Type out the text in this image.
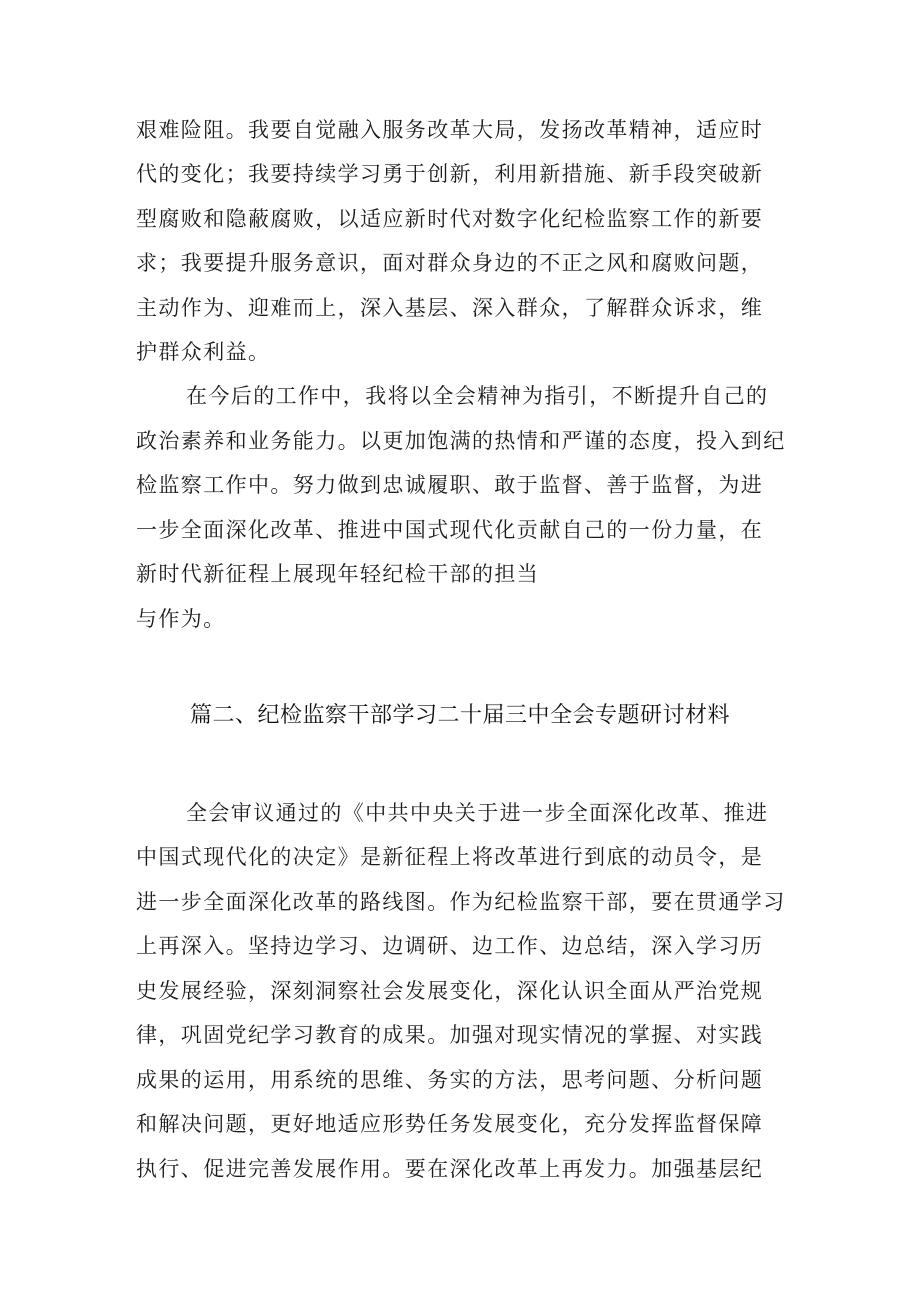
艰难险阻。我要自觉融入服务改革大局，发扬改革精神，适应时
代的变化；我要持续学习勇于创新，利用新措施、新手段突破新
型腐败和隐蔽腐败，以适应新时代对数字化纪检监察工作的新要
求；我要提升服务意识，面对群众身边的不正之风和腐败问题，
主动作为、迎难而上，深入基层、深入群众，了解群众诉求，维
护群众利益。
在今后的工作中，我将以全会精神为指引，不断提升自己的
政治素养和业务能力。以更加饱满的热情和严谨的态度，投入到纪
检监察工作中。努力做到忠诚履职、敢于监督、善于监督，为进
一步全面深化改革、推进中国式现代化贡献自己的一份力量，在
新时代新征程上展现年轻纪检干部的担当
与作为。
篇二、纪检监察干部学习二十届三中全会专题研讨材料
全会审议通过的《中共中央关于进一步全面深化改革、推进
中国式现代化的决定》是新征程上将改革进行到底的动员令，是
进一步全面深化改革的路线图。作为纪检监察干部，要在贯通学习
上再深入。坚持边学习、边调研、边工作、边总结，深入学习历
史发展经验，深刻洞察社会发展变化，深化认识全面从严治党规
律，巩固党纪学习教育的成果。加强对现实情况的掌握、对实践
成果的运用，用系统的思维、务实的方法，思考问题、分析问题
和解决问题，更好地适应形势任务发展变化，充分发挥监督保障
执行、促进完善发展作用。要在深化改革上再发力。加强基层纪
